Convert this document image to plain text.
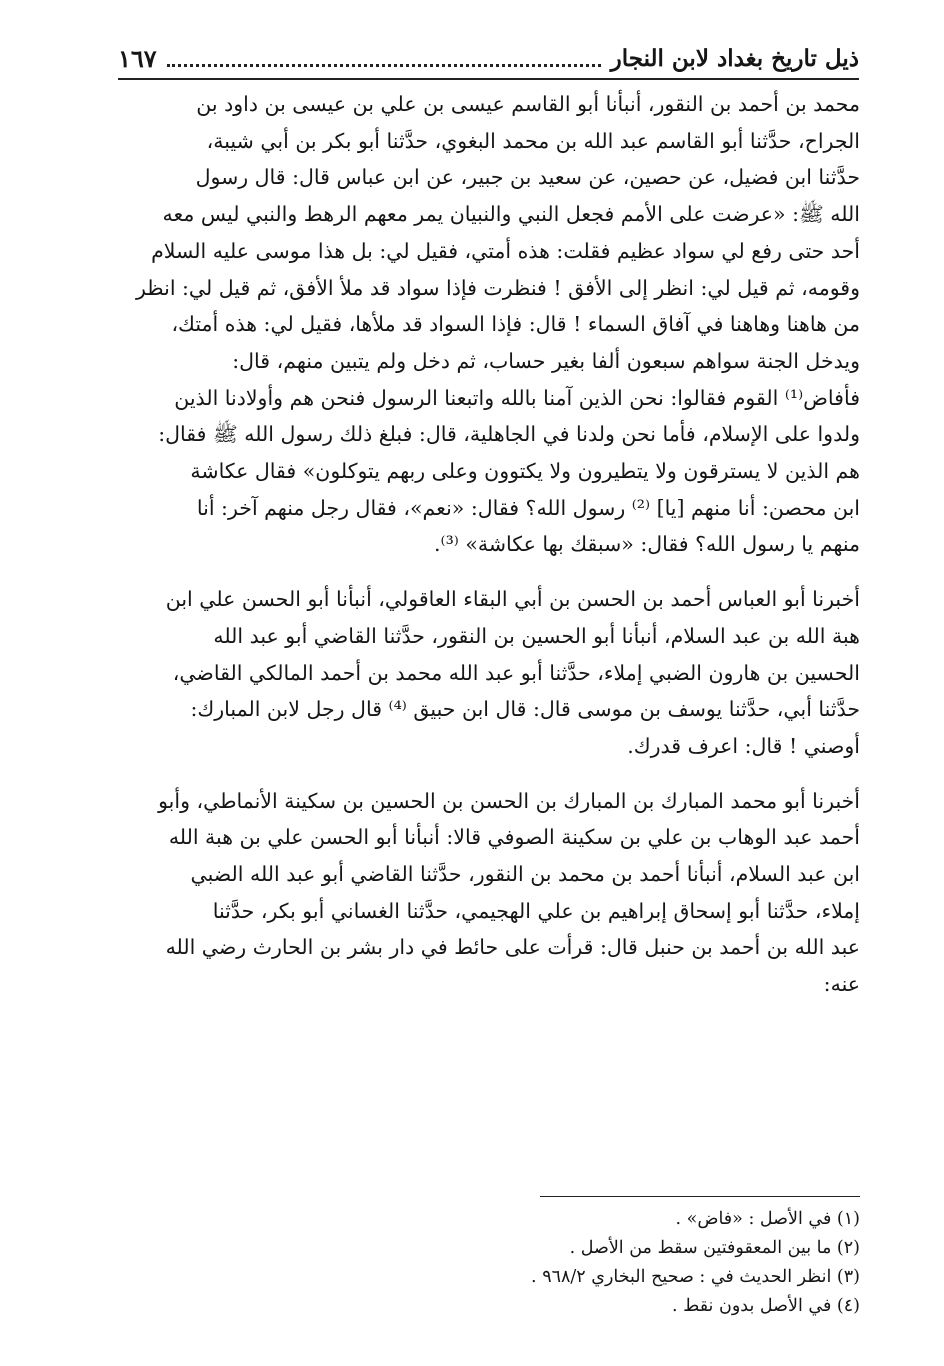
ذيل تاريخ بغداد لابن النجار
١٦٧

محمد بن أحمد بن النقور، أنبأنا أبو القاسم عيسى بن علي بن عيسى بن داود بن
الجراح، حدَّثنا أبو القاسم عبد الله بن محمد البغوي، حدَّثنا أبو بكر بن أبي شيبة،
حدَّثنا ابن فضيل، عن حصين، عن سعيد بن جبير، عن ابن عباس قال: قال رسول
الله ﷺ: «عرضت على الأمم فجعل النبي والنبيان يمر معهم الرهط والنبي ليس معه
أحد حتى رفع لي سواد عظيم فقلت: هذه أمتي، فقيل لي: بل هذا موسى عليه السلام
وقومه، ثم قيل لي: انظر إلى الأفق ! فنظرت فإذا سواد قد ملأ الأفق، ثم قيل لي: انظر
من هاهنا وهاهنا في آفاق السماء ! قال: فإذا السواد قد ملأها، فقيل لي: هذه أمتك،
ويدخل الجنة سواهم سبعون ألفا بغير حساب، ثم دخل ولم يتبين منهم، قال:
فأفاض⁽¹⁾ القوم فقالوا: نحن الذين آمنا بالله واتبعنا الرسول فنحن هم وأولادنا الذين
ولدوا على الإسلام، فأما نحن ولدنا في الجاهلية، قال: فبلغ ذلك رسول الله ﷺ فقال:
هم الذين لا يسترقون ولا يتطيرون ولا يكتوون وعلى ربهم يتوكلون» فقال عكاشة
ابن محصن: أنا منهم [يا] ⁽²⁾ رسول الله؟ فقال: «نعم»، فقال رجل منهم آخر: أنا
منهم يا رسول الله؟ فقال: «سبقك بها عكاشة» ⁽³⁾.

أخبرنا أبو العباس أحمد بن الحسن بن أبي البقاء العاقولي، أنبأنا أبو الحسن علي ابن
هبة الله بن عبد السلام، أنبأنا أبو الحسين بن النقور، حدَّثنا القاضي أبو عبد الله
الحسين بن هارون الضبي إملاء، حدَّثنا أبو عبد الله محمد بن أحمد المالكي القاضي،
حدَّثنا أبي، حدَّثنا يوسف بن موسى قال: قال ابن حبيق ⁽⁴⁾ قال رجل لابن المبارك:
أوصني ! قال: اعرف قدرك.

أخبرنا أبو محمد المبارك بن المبارك بن الحسن بن الحسين بن سكينة الأنماطي، وأبو
أحمد عبد الوهاب بن علي بن سكينة الصوفي قالا: أنبأنا أبو الحسن علي بن هبة الله
ابن عبد السلام، أنبأنا أحمد بن محمد بن النقور، حدَّثنا القاضي أبو عبد الله الضبي
إملاء، حدَّثنا أبو إسحاق إبراهيم بن علي الهجيمي، حدَّثنا الغساني أبو بكر، حدَّثنا
عبد الله بن أحمد بن حنبل قال: قرأت على حائط في دار بشر بن الحارث رضي الله
عنه:

(١) في الأصل : «فاض» .

(٢) ما بين المعقوفتين سقط من الأصل .

(٣) انظر الحديث في : صحيح البخاري ٩٦٨/٢ .

(٤) في الأصل بدون نقط .
